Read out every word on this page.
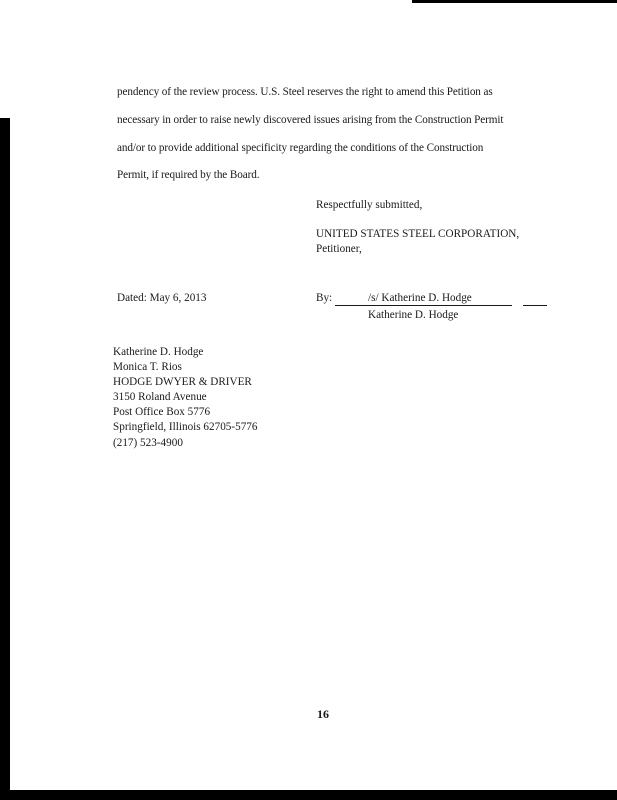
pendency of the review process. U.S. Steel reserves the right to amend this Petition as
necessary in order to raise newly discovered issues arising from the Construction Permit
and/or to provide additional specificity regarding the conditions of the Construction
Permit, if required by the Board.
Respectfully submitted,
UNITED STATES STEEL CORPORATION,
Petitioner,
Dated: May 6, 2013	By:	/s/ Katherine D. Hodge
Katherine D. Hodge
Katherine D. Hodge
Monica T. Rios
HODGE DWYER & DRIVER
3150 Roland Avenue
Post Office Box 5776
Springfield, Illinois 62705-5776
(217) 523-4900
16
